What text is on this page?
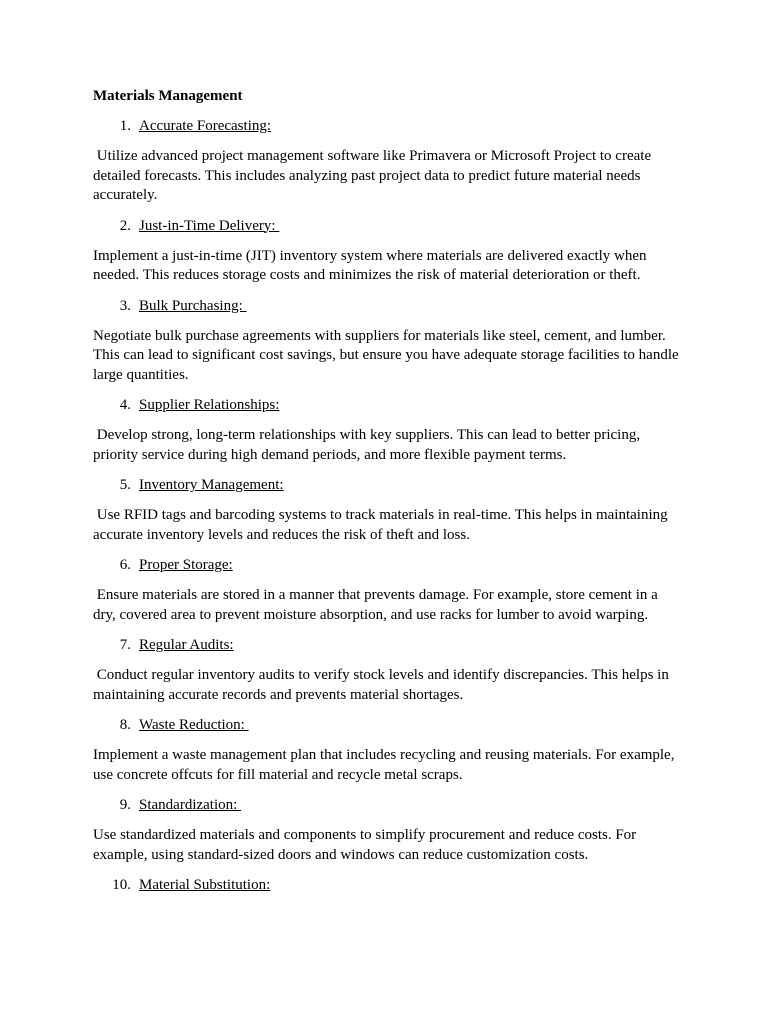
Materials Management
1. Accurate Forecasting:
Utilize advanced project management software like Primavera or Microsoft Project to create detailed forecasts. This includes analyzing past project data to predict future material needs accurately.
2. Just-in-Time Delivery:
Implement a just-in-time (JIT) inventory system where materials are delivered exactly when needed. This reduces storage costs and minimizes the risk of material deterioration or theft.
3. Bulk Purchasing:
Negotiate bulk purchase agreements with suppliers for materials like steel, cement, and lumber. This can lead to significant cost savings, but ensure you have adequate storage facilities to handle large quantities.
4. Supplier Relationships:
Develop strong, long-term relationships with key suppliers. This can lead to better pricing, priority service during high demand periods, and more flexible payment terms.
5. Inventory Management:
Use RFID tags and barcoding systems to track materials in real-time. This helps in maintaining accurate inventory levels and reduces the risk of theft and loss.
6. Proper Storage:
Ensure materials are stored in a manner that prevents damage. For example, store cement in a dry, covered area to prevent moisture absorption, and use racks for lumber to avoid warping.
7. Regular Audits:
Conduct regular inventory audits to verify stock levels and identify discrepancies. This helps in maintaining accurate records and prevents material shortages.
8. Waste Reduction:
Implement a waste management plan that includes recycling and reusing materials. For example, use concrete offcuts for fill material and recycle metal scraps.
9. Standardization:
Use standardized materials and components to simplify procurement and reduce costs. For example, using standard-sized doors and windows can reduce customization costs.
10. Material Substitution:
